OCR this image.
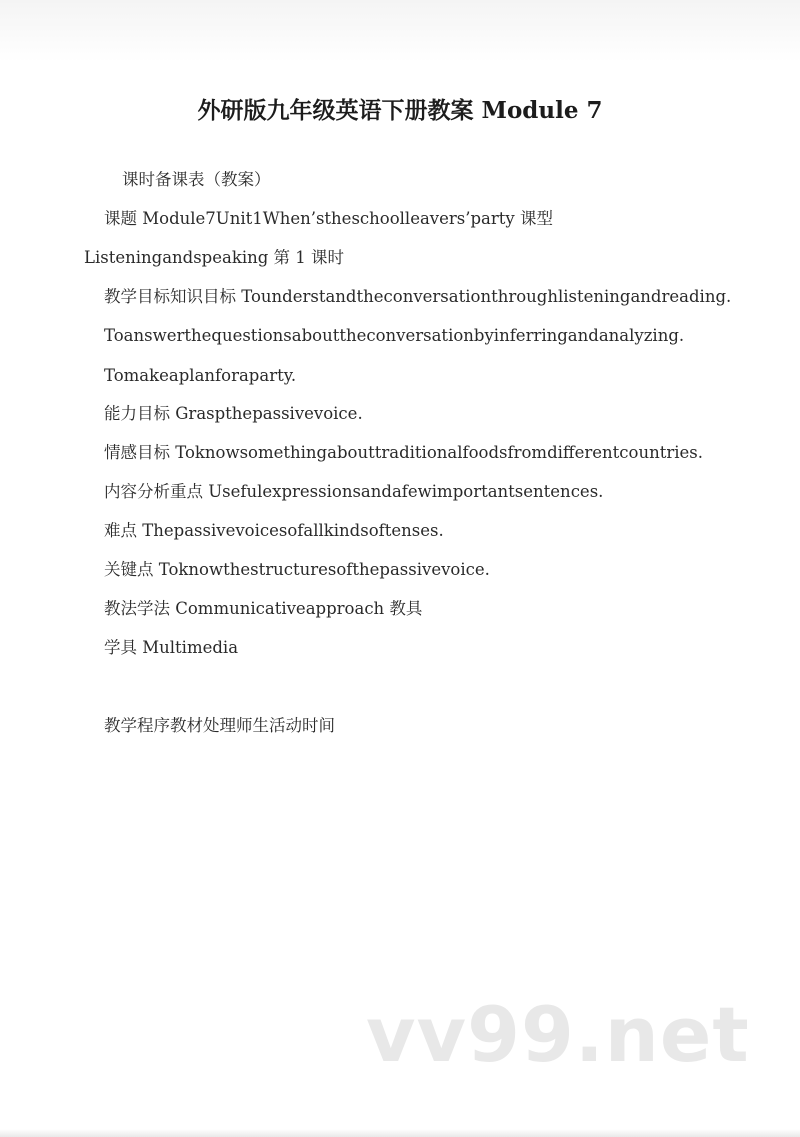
外研版九年级英语下册教案 Module 7
课时备课表（教案）
课题 Module7Unit1When’stheschoolleavers’party 课型
Listeningandspeaking 第 1 课时
教学目标知识目标 Tounderstandtheconversationthroughlisteningandreading.
Toanswerthequestionsabouttheconversationbyinferringandanalyzing.
Tomakeaplanforaparty.
能力目标 Graspthepassivevoice.
情感目标 Toknowsomethingabouttraditionalfoodsfromdifferentcountries.
内容分析重点 Usefulexpressionsandafewimportantsentences.
难点 Thepassivevoicesofallkindsoftenses.
关键点 Toknowthestructuresofthepassivevoice.
教法学法 Communicativeapproach 教具
学具 Multimedia
教学程序教材处理师生活动时间
vv99.net
